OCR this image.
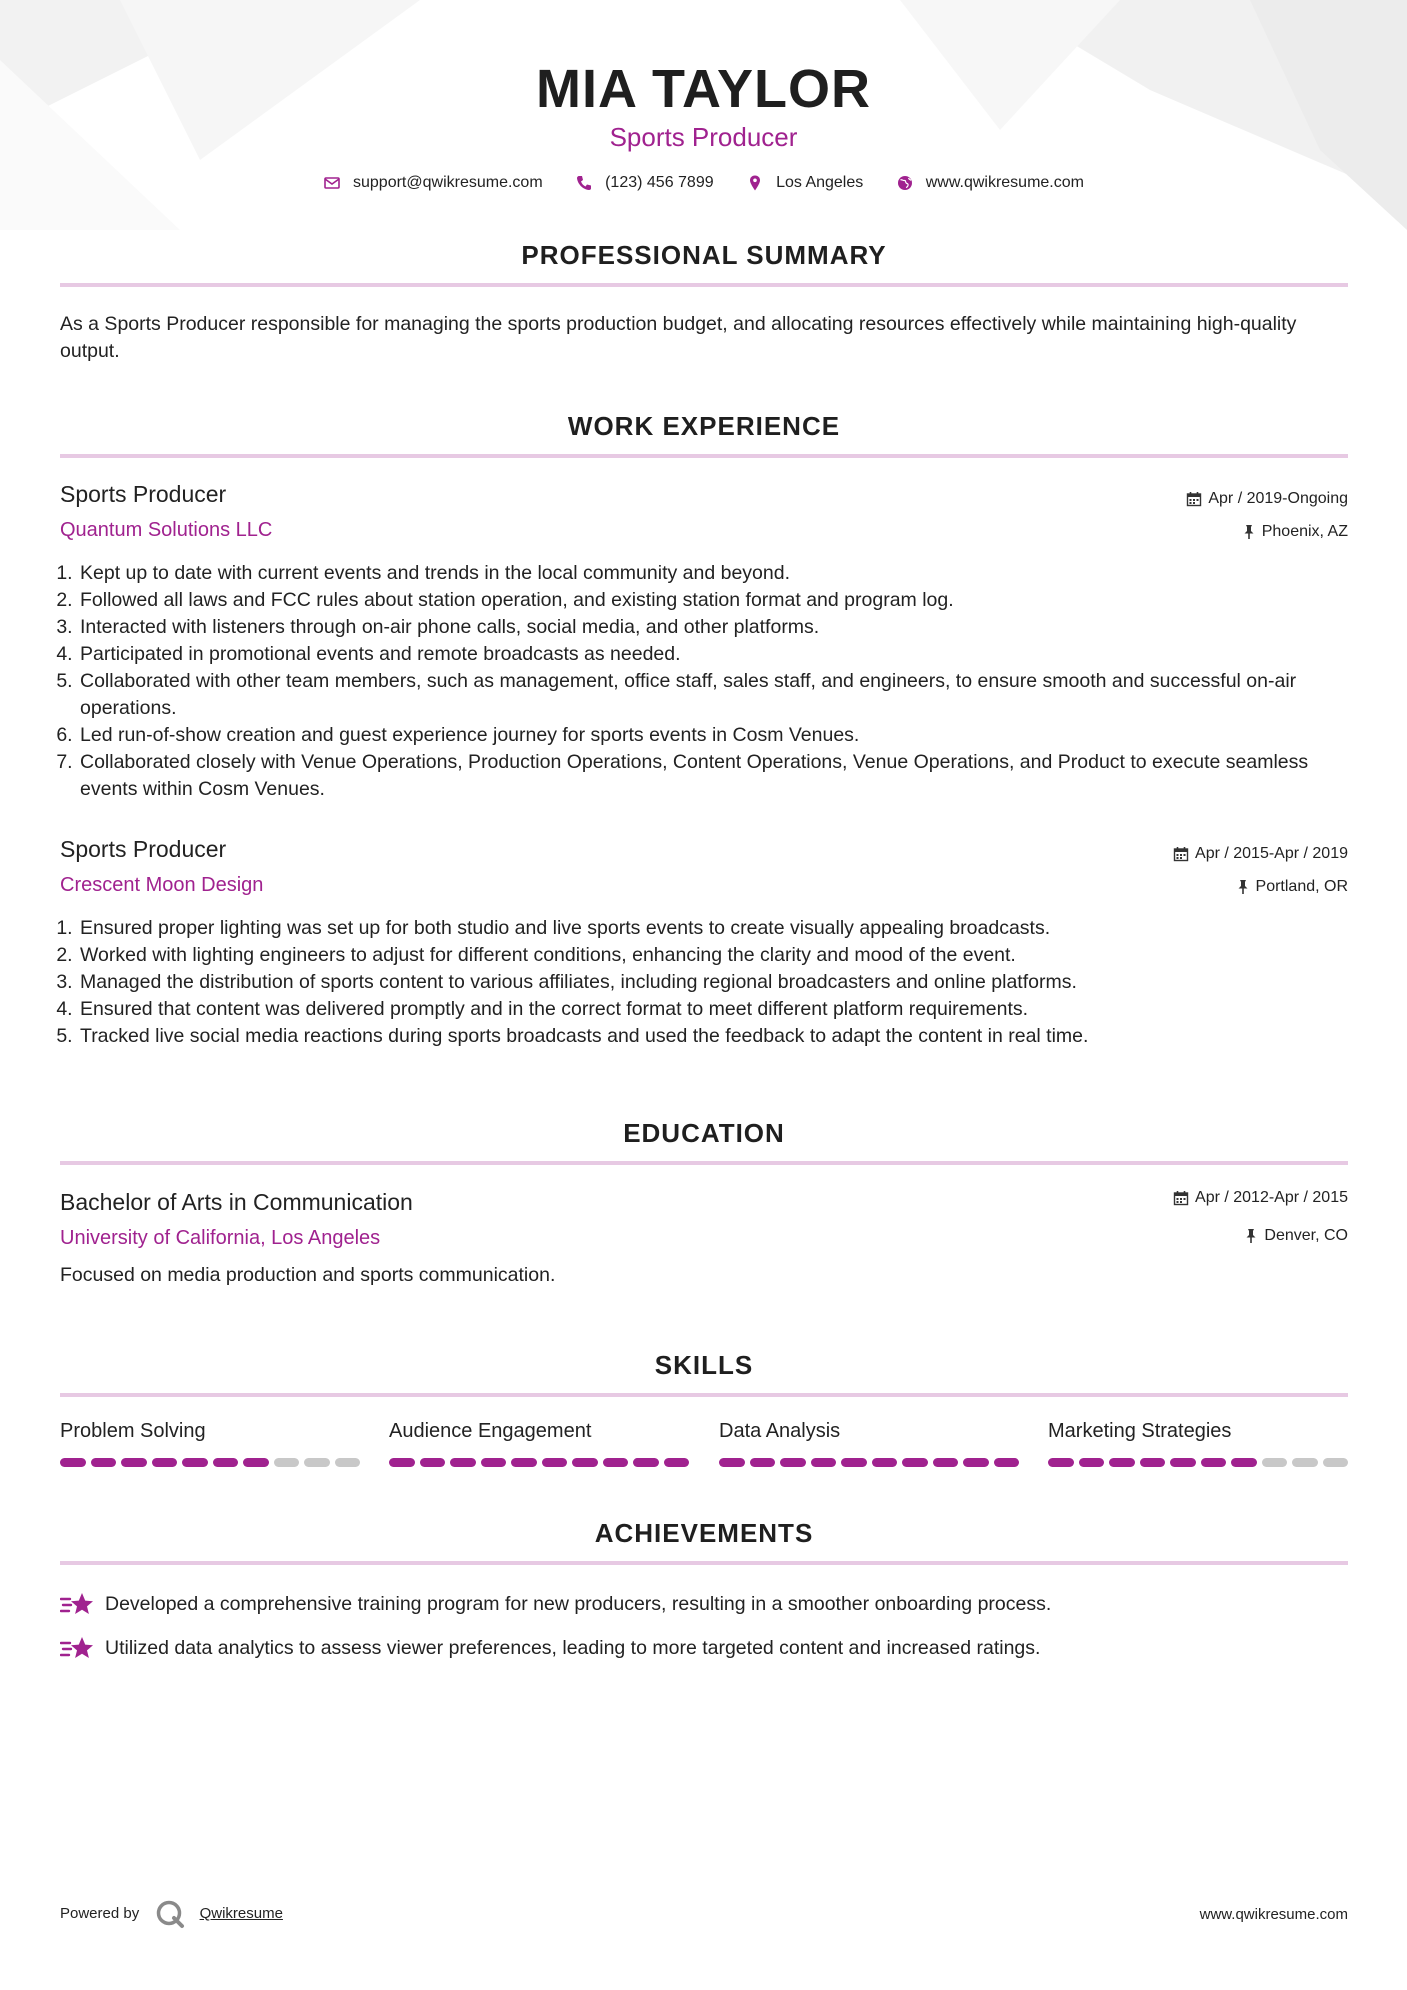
MIA TAYLOR
Sports Producer
support@qwikresume.com	(123) 456 7899	Los Angeles	www.qwikresume.com
PROFESSIONAL SUMMARY
As a Sports Producer responsible for managing the sports production budget, and allocating resources effectively while maintaining high-quality output.
WORK EXPERIENCE
Sports Producer
Quantum Solutions LLC
Apr / 2019-Ongoing
Phoenix, AZ
1. Kept up to date with current events and trends in the local community and beyond.
2. Followed all laws and FCC rules about station operation, and existing station format and program log.
3. Interacted with listeners through on-air phone calls, social media, and other platforms.
4. Participated in promotional events and remote broadcasts as needed.
5. Collaborated with other team members, such as management, office staff, sales staff, and engineers, to ensure smooth and successful on-air operations.
6. Led run-of-show creation and guest experience journey for sports events in Cosm Venues.
7. Collaborated closely with Venue Operations, Production Operations, Content Operations, Venue Operations, and Product to execute seamless events within Cosm Venues.
Sports Producer
Crescent Moon Design
Apr / 2015-Apr / 2019
Portland, OR
1. Ensured proper lighting was set up for both studio and live sports events to create visually appealing broadcasts.
2. Worked with lighting engineers to adjust for different conditions, enhancing the clarity and mood of the event.
3. Managed the distribution of sports content to various affiliates, including regional broadcasters and online platforms.
4. Ensured that content was delivered promptly and in the correct format to meet different platform requirements.
5. Tracked live social media reactions during sports broadcasts and used the feedback to adapt the content in real time.
EDUCATION
Bachelor of Arts in Communication
University of California, Los Angeles
Apr / 2012-Apr / 2015
Denver, CO
Focused on media production and sports communication.
SKILLS
Problem Solving	Audience Engagement	Data Analysis	Marketing Strategies
ACHIEVEMENTS
Developed a comprehensive training program for new producers, resulting in a smoother onboarding process.
Utilized data analytics to assess viewer preferences, leading to more targeted content and increased ratings.
Powered by	Qwikresume	www.qwikresume.com
